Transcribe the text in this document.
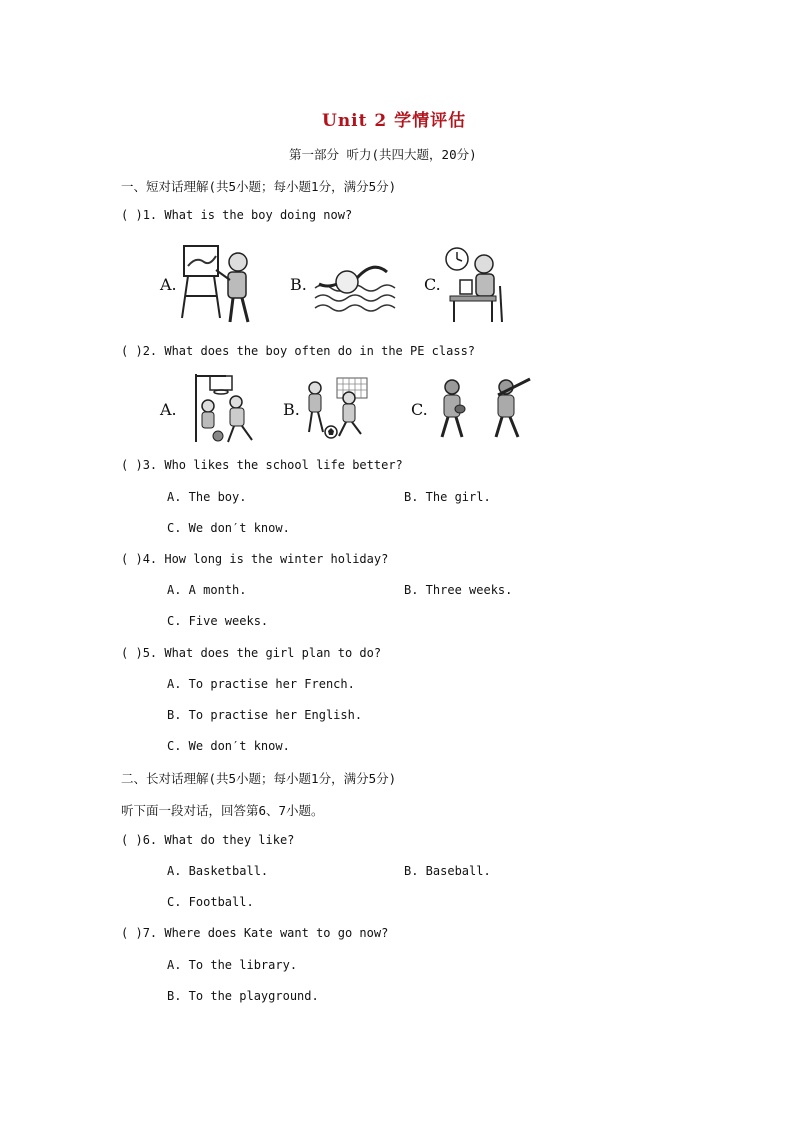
Unit 2 学情评估
第一部分 听力(共四大题，20分)
一、短对话理解(共5小题；每小题1分，满分5分)
( )1. What is the boy doing now?
A.	B.	C.
( )2. What does the boy often do in the PE class?
A.	B.	C.
( )3. Who likes the school life better?
A. The boy.	B. The girl.
C. We don′t know.
( )4. How long is the winter holiday?
A. A month.	B. Three weeks.
C. Five weeks.
( )5. What does the girl plan to do?
A. To practise her French.
B. To practise her English.
C. We don′t know.
二、长对话理解(共5小题；每小题1分，满分5分)
听下面一段对话，回答第6、7小题。
( )6. What do they like?
A. Basketball.	B. Baseball.
C. Football.
( )7. Where does Kate want to go now?
A. To the library.
B. To the playground.
